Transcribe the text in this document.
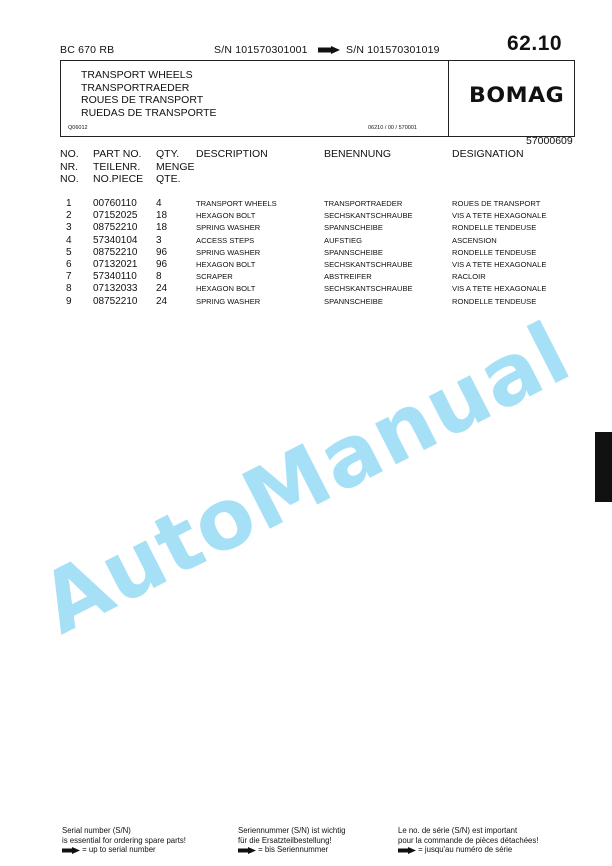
BC 670 RB	S/N 101570301001	S/N 101570301019	62.10
TRANSPORT WHEELS
TRANSPORTRAEDER
ROUES DE TRANSPORT
RUEDAS DE TRANSPORTE
Q06012	06210 / 00 / 570001
BOMAG
57000609
NO.
NR.
NO.
PART NO.
TEILENR.
NO.PIECE
QTY.
MENGE
QTE.
DESCRIPTION	BENENNUNG	DESIGNATION
1 00760110 4	TRANSPORT WHEELS	TRANSPORTRAEDER	ROUES DE TRANSPORT
2 07152025 18	HEXAGON BOLT	SECHSKANTSCHRAUBE	VIS A TETE HEXAGONALE
3 08752210 18	SPRING WASHER	SPANNSCHEIBE	RONDELLE TENDEUSE
4 57340104 3	ACCESS STEPS	AUFSTIEG	ASCENSION
5 08752210 96	SPRING WASHER	SPANNSCHEIBE	RONDELLE TENDEUSE
6 07132021 96	HEXAGON BOLT	SECHSKANTSCHRAUBE	VIS A TETE HEXAGONALE
7 57340110 8	SCRAPER	ABSTREIFER	RACLOIR
8 07132033 24	HEXAGON BOLT	SECHSKANTSCHRAUBE	VIS A TETE HEXAGONALE
9 08752210 24	SPRING WASHER	SPANNSCHEIBE	RONDELLE TENDEUSE
AutoManual
Serial number (S/N)
is essential for ordering spare parts!
= up to serial number
Seriennummer (S/N) ist wichtig
für die Ersatzteilbestellung!
= bis Seriennummer
Le no. de série (S/N) est important
pour la commande de pièces détachées!
= jusqu'au numéro de série
